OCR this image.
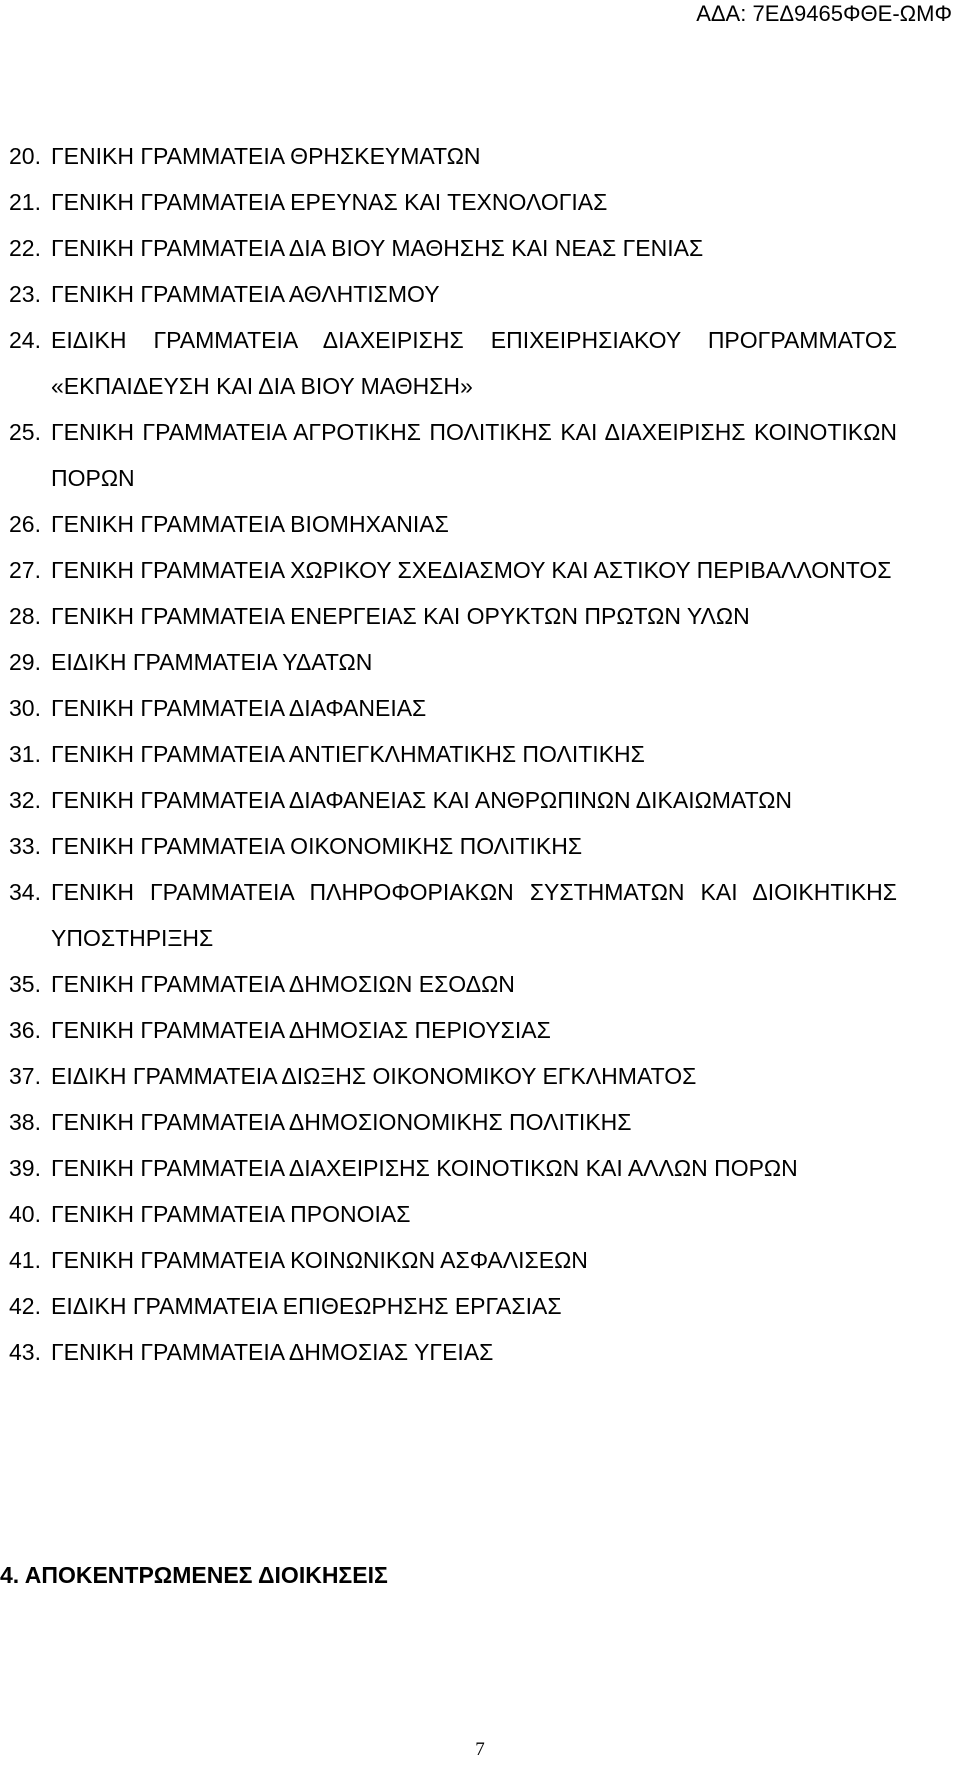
ΑΔΑ: 7ΕΔ9465ΦΘΕ-ΩΜΦ
20. ΓΕΝΙΚΗ ΓΡΑΜΜΑΤΕΙΑ ΘΡΗΣΚΕΥΜΑΤΩΝ
21. ΓΕΝΙΚΗ ΓΡΑΜΜΑΤΕΙΑ ΕΡΕΥΝΑΣ ΚΑΙ ΤΕΧΝΟΛΟΓΙΑΣ
22. ΓΕΝΙΚΗ ΓΡΑΜΜΑΤΕΙΑ ΔΙΑ ΒΙΟΥ ΜΑΘΗΣΗΣ ΚΑΙ ΝΕΑΣ ΓΕΝΙΑΣ
23. ΓΕΝΙΚΗ ΓΡΑΜΜΑΤΕΙΑ ΑΘΛΗΤΙΣΜΟΥ
24. ΕΙΔΙΚΗ ΓΡΑΜΜΑΤΕΙΑ ΔΙΑΧΕΙΡΙΣΗΣ ΕΠΙΧΕΙΡΗΣΙΑΚΟΥ ΠΡΟΓΡΑΜΜΑΤΟΣ «ΕΚΠΑΙΔΕΥΣΗ ΚΑΙ ΔΙΑ ΒΙΟΥ ΜΑΘΗΣΗ»
25. ΓΕΝΙΚΗ ΓΡΑΜΜΑΤΕΙΑ ΑΓΡΟΤΙΚΗΣ ΠΟΛΙΤΙΚΗΣ ΚΑΙ ΔΙΑΧΕΙΡΙΣΗΣ ΚΟΙΝΟΤΙΚΩΝ ΠΟΡΩΝ
26. ΓΕΝΙΚΗ ΓΡΑΜΜΑΤΕΙΑ ΒΙΟΜΗΧΑΝΙΑΣ
27. ΓΕΝΙΚΗ ΓΡΑΜΜΑΤΕΙΑ ΧΩΡΙΚΟΥ ΣΧΕΔΙΑΣΜΟΥ ΚΑΙ ΑΣΤΙΚΟΥ ΠΕΡΙΒΑΛΛΟΝΤΟΣ
28. ΓΕΝΙΚΗ ΓΡΑΜΜΑΤΕΙΑ ΕΝΕΡΓΕΙΑΣ ΚΑΙ ΟΡΥΚΤΩΝ ΠΡΩΤΩΝ ΥΛΩΝ
29. ΕΙΔΙΚΗ ΓΡΑΜΜΑΤΕΙΑ ΥΔΑΤΩΝ
30. ΓΕΝΙΚΗ ΓΡΑΜΜΑΤΕΙΑ ΔΙΑΦΑΝΕΙΑΣ
31. ΓΕΝΙΚΗ ΓΡΑΜΜΑΤΕΙΑ ΑΝΤΙΕΓΚΛΗΜΑΤΙΚΗΣ ΠΟΛΙΤΙΚΗΣ
32. ΓΕΝΙΚΗ ΓΡΑΜΜΑΤΕΙΑ ΔΙΑΦΑΝΕΙΑΣ ΚΑΙ ΑΝΘΡΩΠΙΝΩΝ ΔΙΚΑΙΩΜΑΤΩΝ
33. ΓΕΝΙΚΗ ΓΡΑΜΜΑΤΕΙΑ ΟΙΚΟΝΟΜΙΚΗΣ ΠΟΛΙΤΙΚΗΣ
34. ΓΕΝΙΚΗ ΓΡΑΜΜΑΤΕΙΑ ΠΛΗΡΟΦΟΡΙΑΚΩΝ ΣΥΣΤΗΜΑΤΩΝ ΚΑΙ ΔΙΟΙΚΗΤΙΚΗΣ ΥΠΟΣΤΗΡΙΞΗΣ
35. ΓΕΝΙΚΗ ΓΡΑΜΜΑΤΕΙΑ ΔΗΜΟΣΙΩΝ ΕΣΟΔΩΝ
36. ΓΕΝΙΚΗ ΓΡΑΜΜΑΤΕΙΑ ΔΗΜΟΣΙΑΣ ΠΕΡΙΟΥΣΙΑΣ
37. ΕΙΔΙΚΗ ΓΡΑΜΜΑΤΕΙΑ ΔΙΩΞΗΣ ΟΙΚΟΝΟΜΙΚΟΥ ΕΓΚΛΗΜΑΤΟΣ
38. ΓΕΝΙΚΗ ΓΡΑΜΜΑΤΕΙΑ ΔΗΜΟΣΙΟΝΟΜΙΚΗΣ ΠΟΛΙΤΙΚΗΣ
39. ΓΕΝΙΚΗ ΓΡΑΜΜΑΤΕΙΑ ΔΙΑΧΕΙΡΙΣΗΣ ΚΟΙΝΟΤΙΚΩΝ ΚΑΙ ΑΛΛΩΝ ΠΟΡΩΝ
40. ΓΕΝΙΚΗ ΓΡΑΜΜΑΤΕΙΑ ΠΡΟΝΟΙΑΣ
41. ΓΕΝΙΚΗ ΓΡΑΜΜΑΤΕΙΑ ΚΟΙΝΩΝΙΚΩΝ ΑΣΦΑΛΙΣΕΩΝ
42. ΕΙΔΙΚΗ ΓΡΑΜΜΑΤΕΙΑ ΕΠΙΘΕΩΡΗΣΗΣ ΕΡΓΑΣΙΑΣ
43. ΓΕΝΙΚΗ ΓΡΑΜΜΑΤΕΙΑ ΔΗΜΟΣΙΑΣ ΥΓΕΙΑΣ
4. ΑΠΟΚΕΝΤΡΩΜΕΝΕΣ ΔΙΟΙΚΗΣΕΙΣ
7
